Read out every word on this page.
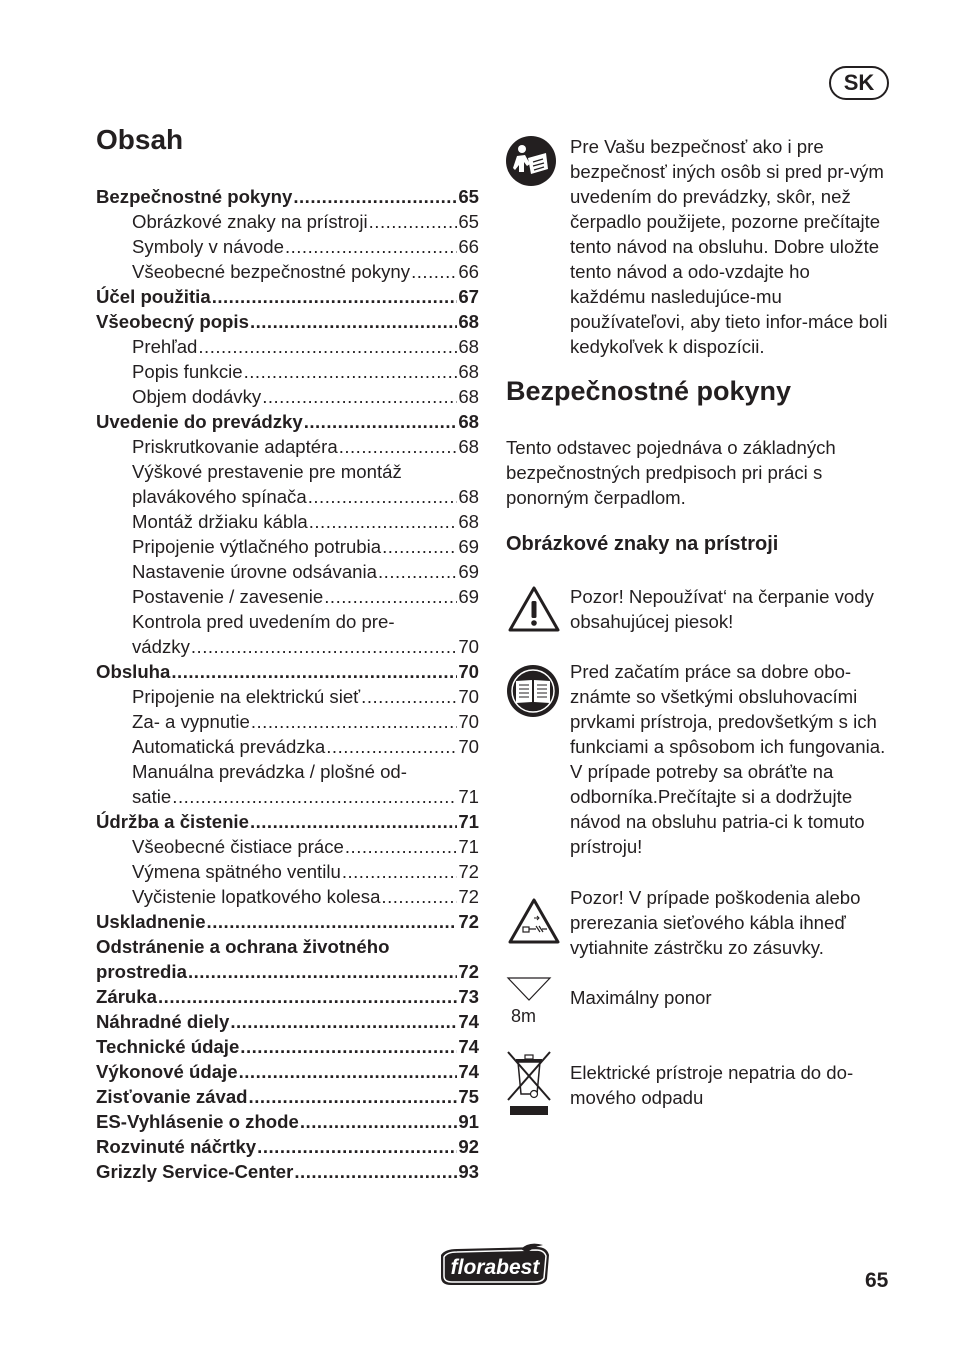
SK
Obsah
Bezpečnostné pokyny .....	65
Obrázkové znaky na prístroji .....	65
Symboly v návode .....	66
Všeobecné bezpečnostné pokyny .....	66
Účel použitia .....	67
Všeobecný popis .....	68
Prehľad .....	68
Popis funkcie .....	68
Objem dodávky .....	68
Uvedenie do prevádzky .....	68
Priskrutkovanie adaptéra .....	68
Výškové prestavenie pre montáž
plavákového spínača .....	68
Montáž držiaku kábla .....	68
Pripojenie výtlačného potrubia .....	69
Nastavenie úrovne odsávania .....	69
Postavenie / zavesenie .....	69
Kontrola pred uvedením do pre-
vádzky .....	70
Obsluha .....	70
Pripojenie na elektrickú sieť .....	70
Za- a vypnutie .....	70
Automatická prevádzka .....	70
Manuálna prevádzka / plošné od-
satie .....	71
Údržba a čistenie .....	71
Všeobecné čistiace práce .....	71
Výmena spätného ventilu .....	72
Vyčistenie lopatkového kolesa .....	72
Uskladnenie .....	72
Odstránenie a ochrana životného
prostredia .....	72
Záruka .....	73
Náhradné diely .....	74
Technické údaje .....	74
Výkonové údaje .....	74
Zisťovanie závad .....	75
ES-Vyhlásenie o zhode .....	91
Rozvinuté náčrtky .....	92
Grizzly Service-Center .....	93
Pre Vašu bezpečnosť ako i pre bezpečnosť iných osôb si pred pr-vým uvedením do prevádzky, skôr, než čerpadlo použijete, pozorne prečítajte tento návod na obsluhu. Dobre uložte tento návod a odo-vzdajte ho každému nasledujúce-mu používateľovi, aby tieto infor-máce boli kedykoľvek k dispozícii.
Bezpečnostné pokyny
Tento odstavec pojednáva o základných bezpečnostných predpisoch pri práci s ponorným čerpadlom.
Obrázkové znaky na prístroji
Pozor! Nepoužívat‘ na čerpanie vody obsahujúcej piesok!
Pred začatím práce sa dobre obo-známte so všetkými obsluhovacími prvkami prístroja, predovšetkým s ich funkciami a spôsobom ich fungovania. V prípade potreby sa obráťte na odborníka.Prečítajte si a dodržujte návod na obsluhu patria-ci k tomuto prístroju!
Pozor! V prípade poškodenia alebo prerezania sieťového kábla ihneď vytiahnite zástrčku zo zásuvky.
8m
Maximálny ponor
Elektrické prístroje nepatria do do-mového odpadu
florabest
65
